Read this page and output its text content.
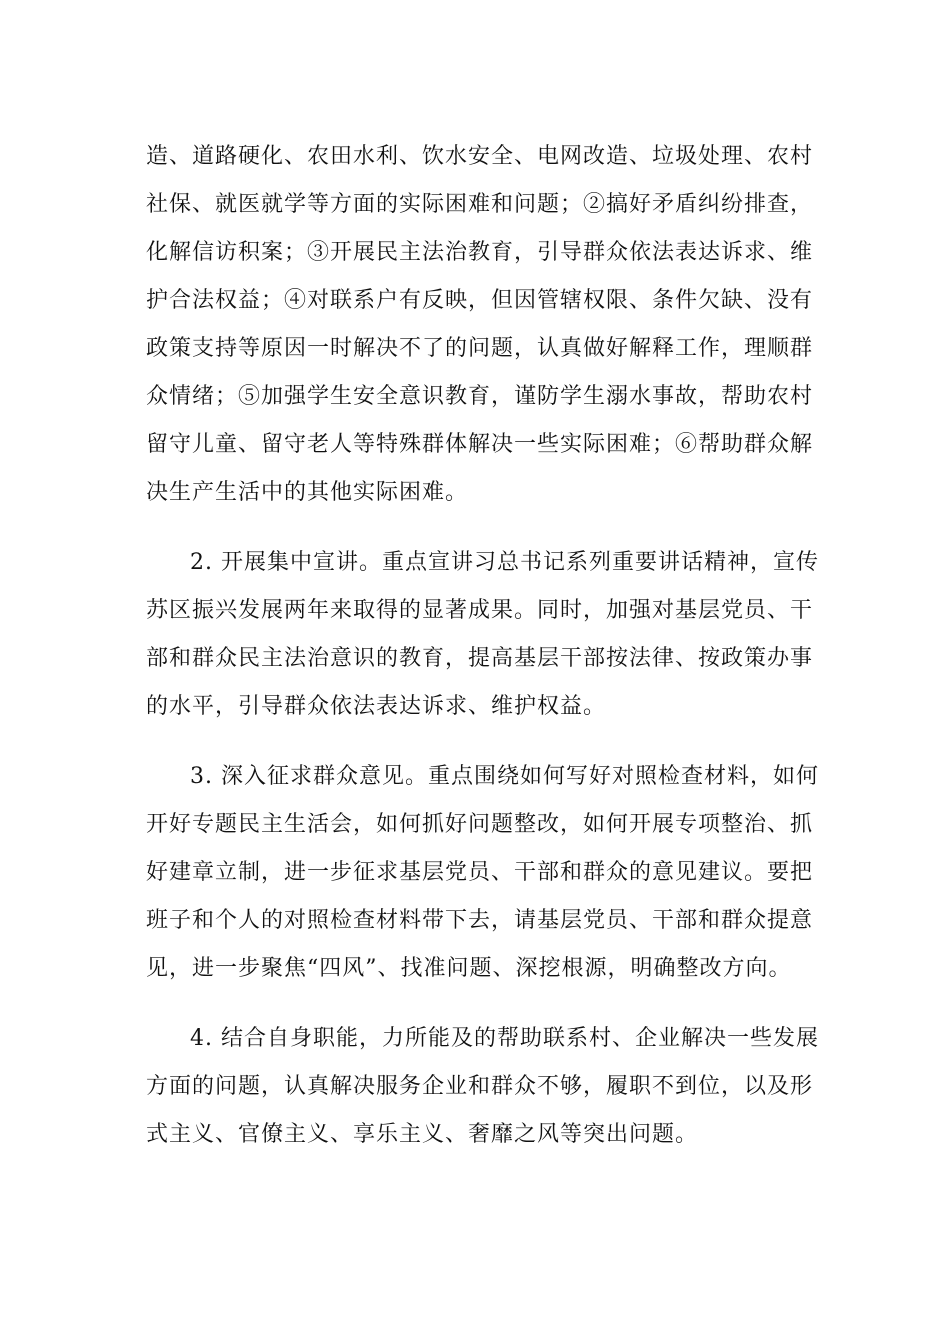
造、道路硬化、农田水利、饮水安全、电网改造、垃圾处理、农村
社保、就医就学等方面的实际困难和问题；②搞好矛盾纠纷排查，
化解信访积案；③开展民主法治教育，引导群众依法表达诉求、维
护合法权益；④对联系户有反映，但因管辖权限、条件欠缺、没有
政策支持等原因一时解决不了的问题，认真做好解释工作，理顺群
众情绪；⑤加强学生安全意识教育，谨防学生溺水事故，帮助农村
留守儿童、留守老人等特殊群体解决一些实际困难；⑥帮助群众解
决生产生活中的其他实际困难。
2. 开展集中宣讲。重点宣讲习总书记系列重要讲话精神，宣传
苏区振兴发展两年来取得的显著成果。同时，加强对基层党员、干
部和群众民主法治意识的教育，提高基层干部按法律、按政策办事
的水平，引导群众依法表达诉求、维护权益。
3. 深入征求群众意见。重点围绕如何写好对照检查材料，如何
开好专题民主生活会，如何抓好问题整改，如何开展专项整治、抓
好建章立制，进一步征求基层党员、干部和群众的意见建议。要把
班子和个人的对照检查材料带下去，请基层党员、干部和群众提意
见，进一步聚焦“四风”、找准问题、深挖根源，明确整改方向。
4. 结合自身职能，力所能及的帮助联系村、企业解决一些发展
方面的问题，认真解决服务企业和群众不够，履职不到位，以及形
式主义、官僚主义、享乐主义、奢靡之风等突出问题。
